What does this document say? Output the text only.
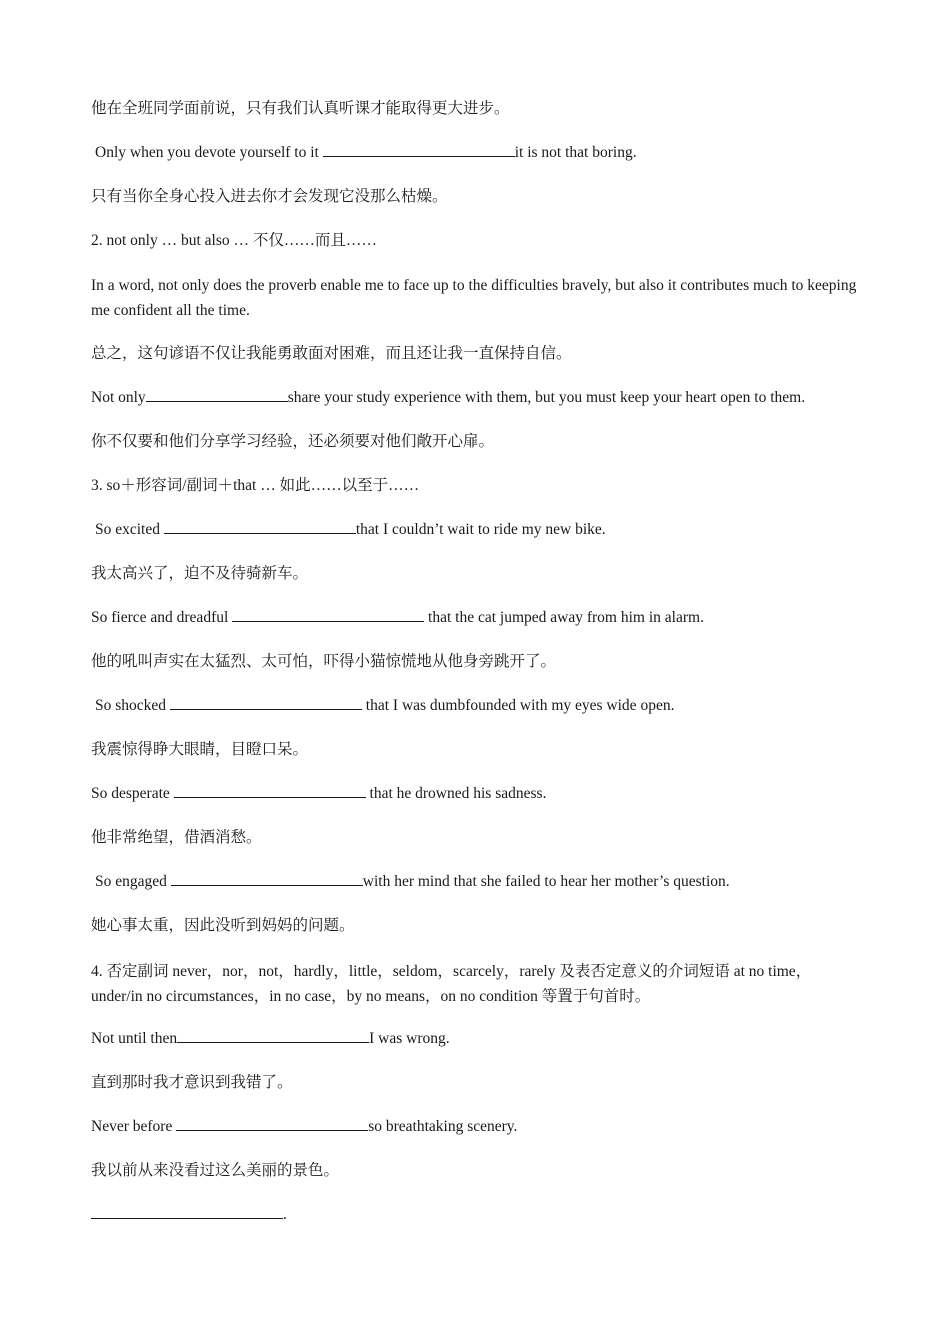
他在全班同学面前说，只有我们认真听课才能取得更大进步。
Only when you devote yourself to it	it is not that boring.
只有当你全身心投入进去你才会发现它没那么枯燥。
2. not only … but also … 不仅……而且……
In a word, not only does the proverb enable me to face up to the difficulties bravely, but also it contributes much to keeping me confident all the time.
总之，这句谚语不仅让我能勇敢面对困难，而且还让我一直保持自信。
Not only	share your study experience with them, but you must keep your heart open to them.
你不仅要和他们分享学习经验，还必须要对他们敞开心扉。
3. so＋形容词/副词＋that … 如此……以至于……
So excited	that I couldn’t wait to ride my new bike.
我太高兴了，迫不及待骑新车。
So fierce and dreadful	that the cat jumped away from him in alarm.
他的吼叫声实在太猛烈、太可怕，吓得小猫惊慌地从他身旁跳开了。
So shocked	that I was dumbfounded with my eyes wide open.
我震惊得睁大眼睛，目瞪口呆。
So desperate	that he drowned his sadness.
他非常绝望，借酒消愁。
So engaged	with her mind that she failed to hear her mother’s question.
她心事太重，因此没听到妈妈的问题。
4. 否定副词 never，nor，not，hardly，little，seldom，scarcely，rarely 及表否定意义的介词短语 at no time，under/in no circumstances，in no case，by no means，on no condition 等置于句首时。
Not until then	I was wrong.
直到那时我才意识到我错了。
Never before	so breathtaking scenery.
我以前从来没看过这么美丽的景色。
.
